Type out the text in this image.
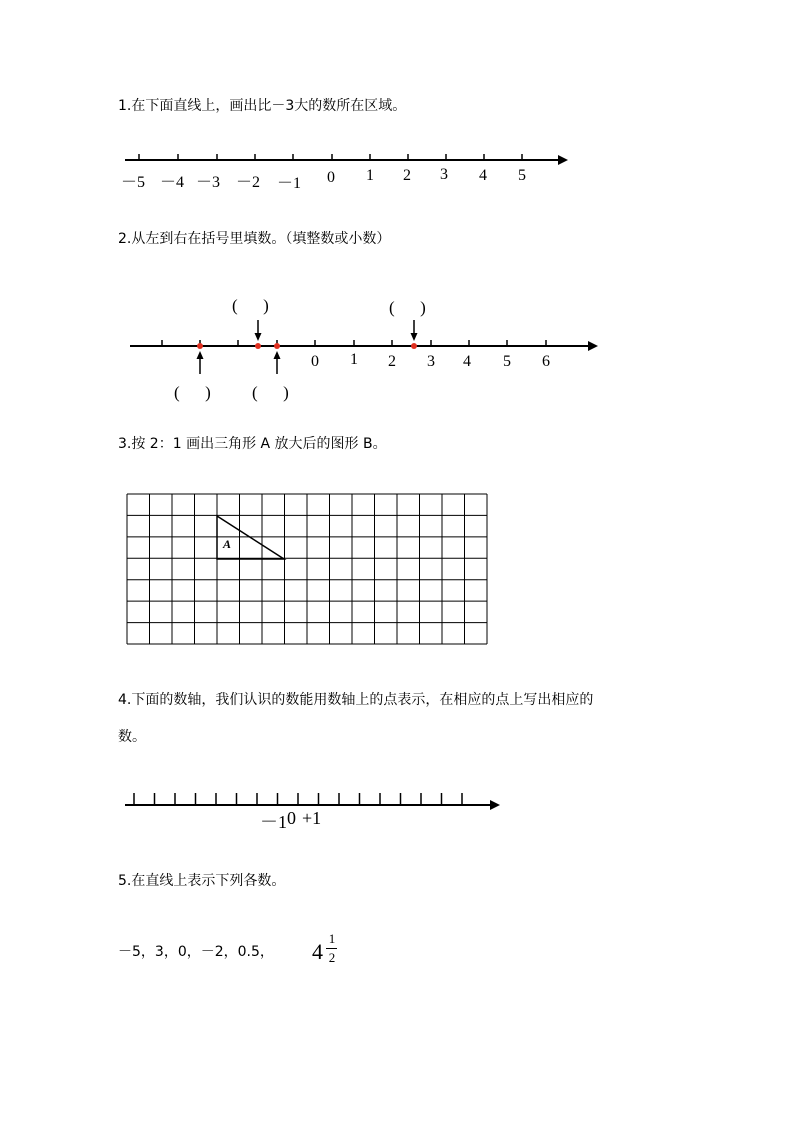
1.在下面直线上，画出比－3大的数所在区域。
－5 －4 －3 －2 －1 0 1 2 3 4 5
2.从左到右在括号里填数。（填整数或小数）
0 1 2 3 4 5 6
(      )	(      )
(      ) (      )
3.按 2：1 画出三角形 A 放大后的图形 B。
A
4.下面的数轴，我们认识的数能用数轴上的点表示，在相应的点上写出相应的
数。
－1 0 +1
5.在直线上表示下列各数。
－5，3，0，－2，0.5， 4
1
2
